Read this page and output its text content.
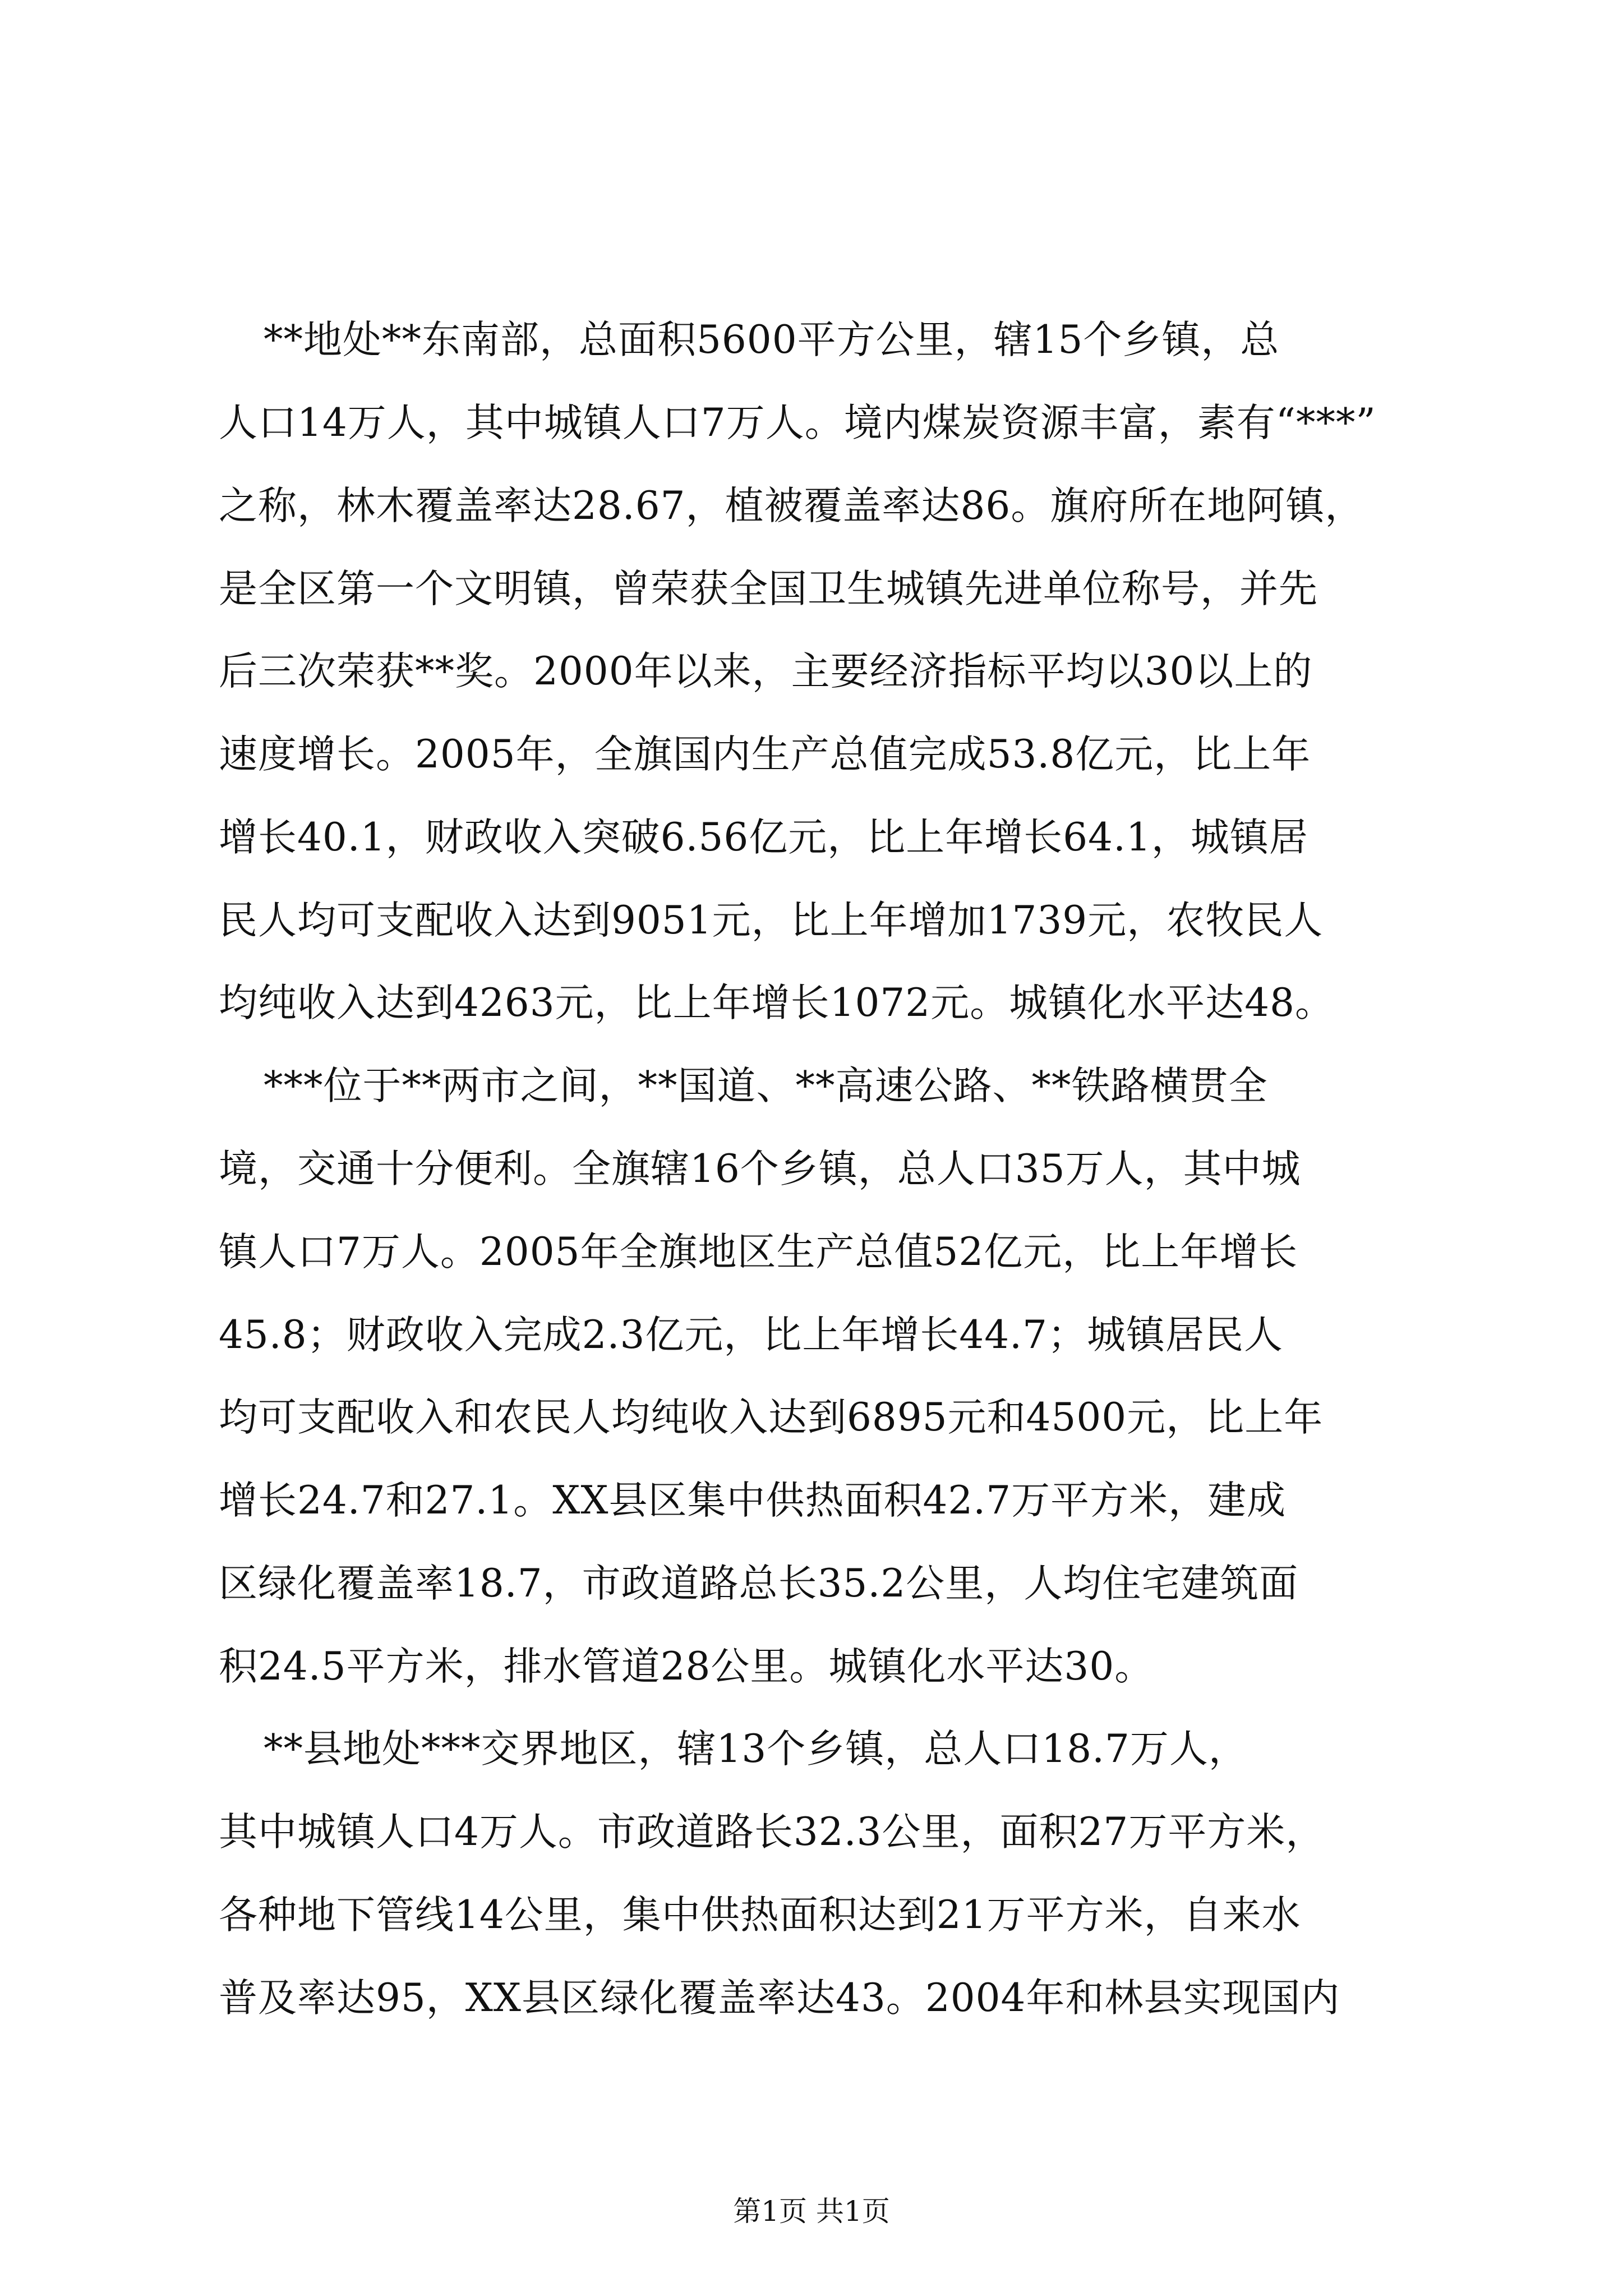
**地处**东南部，总面积5600平方公里，辖15个乡镇，总
人口14万人，其中城镇人口7万人。境内煤炭资源丰富，素有“***”
之称，林木覆盖率达28.67，植被覆盖率达86。旗府所在地阿镇，
是全区第一个文明镇，曾荣获全国卫生城镇先进单位称号，并先
后三次荣获**奖。2000年以来，主要经济指标平均以30以上的
速度增长。2005年，全旗国内生产总值完成53.8亿元，比上年
增长40.1，财政收入突破6.56亿元，比上年增长64.1，城镇居
民人均可支配收入达到9051元，比上年增加1739元，农牧民人
均纯收入达到4263元，比上年增长1072元。城镇化水平达48。
***位于**两市之间，**国道、**高速公路、**铁路横贯全
境，交通十分便利。全旗辖16个乡镇，总人口35万人，其中城
镇人口7万人。2005年全旗地区生产总值52亿元，比上年增长
45.8；财政收入完成2.3亿元，比上年增长44.7；城镇居民人
均可支配收入和农民人均纯收入达到6895元和4500元，比上年
增长24.7和27.1。XX县区集中供热面积42.7万平方米，建成
区绿化覆盖率18.7，市政道路总长35.2公里，人均住宅建筑面
积24.5平方米，排水管道28公里。城镇化水平达30。
**县地处***交界地区，辖13个乡镇，总人口18.7万人，
其中城镇人口4万人。市政道路长32.3公里，面积27万平方米，
各种地下管线14公里，集中供热面积达到21万平方米，自来水
普及率达95，XX县区绿化覆盖率达43。2004年和林县实现国内
第1页 共1页
